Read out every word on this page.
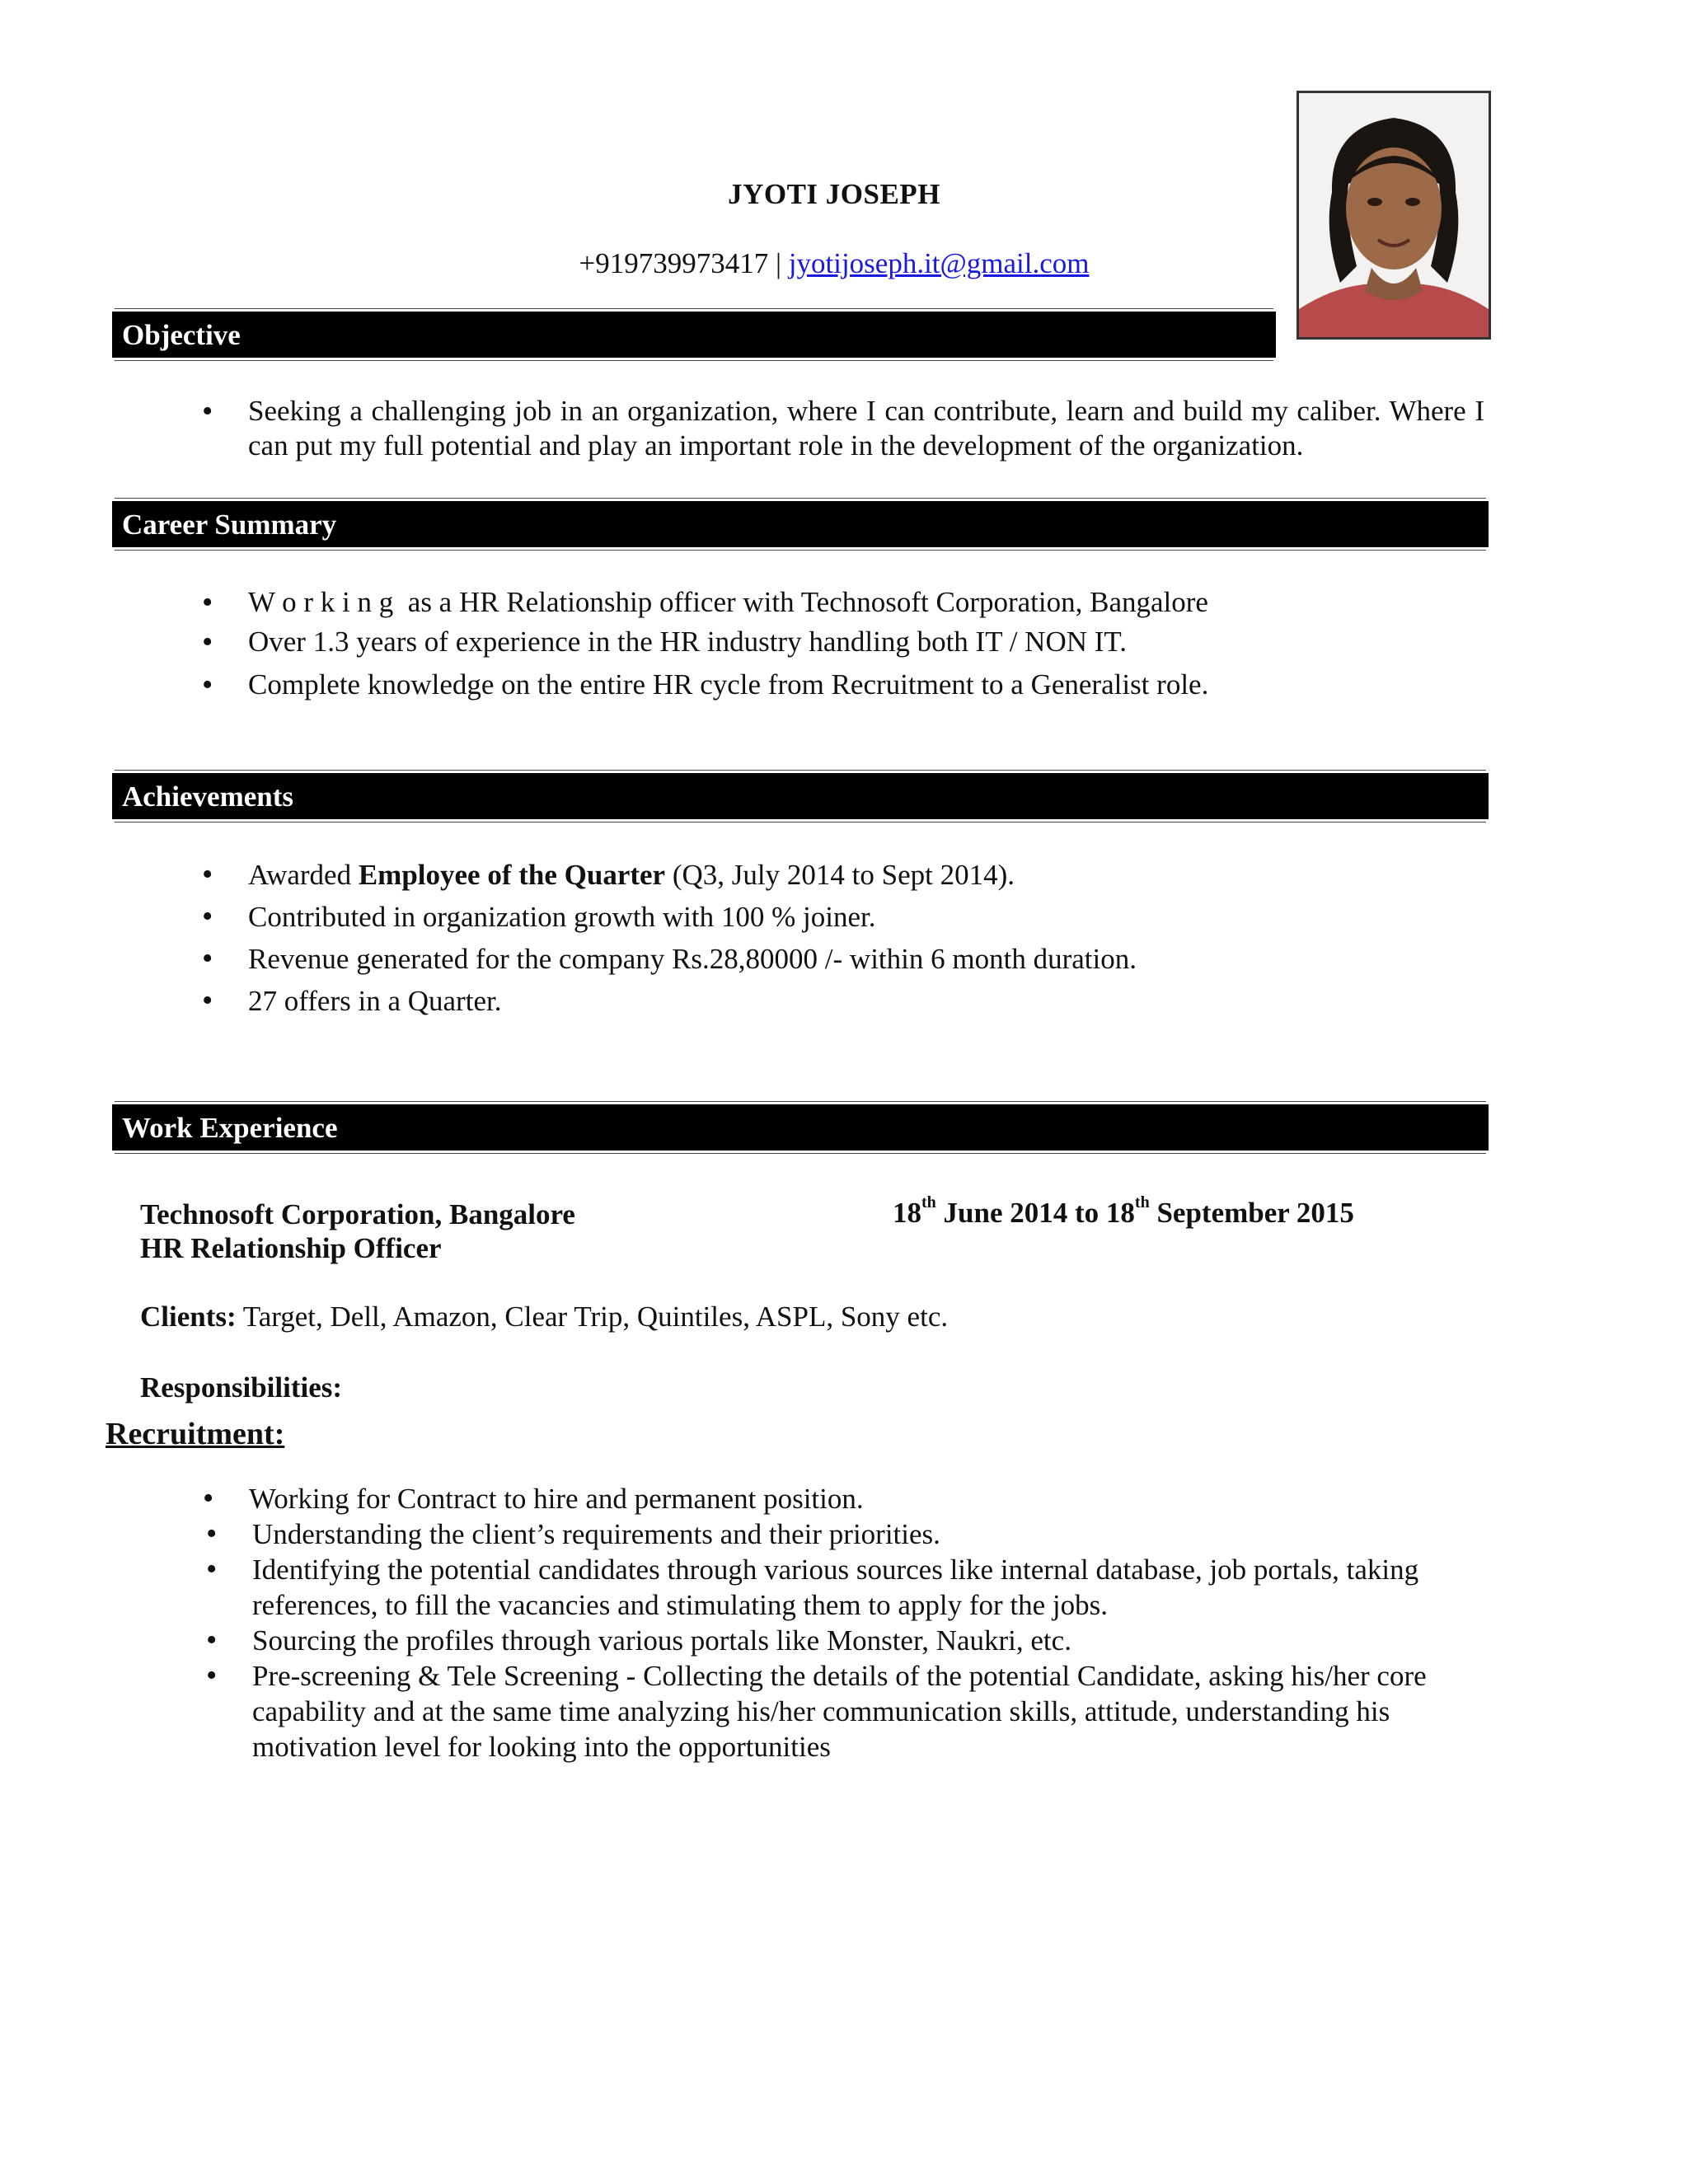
JYOTI JOSEPH
+919739973417 | jyotijoseph.it@gmail.com
Objective
• Seeking a challenging job in an organization, where I can contribute, learn and build my caliber. Where I can put my full potential and play an important role in the development of the organization.
Career Summary
• W o r k i n g  as a HR Relationship officer with Technosoft Corporation, Bangalore
• Over 1.3 years of experience in the HR industry handling both IT / NON IT.
• Complete knowledge on the entire HR cycle from Recruitment to a Generalist role.
Achievements
• Awarded Employee of the Quarter (Q3, July 2014 to Sept 2014).
• Contributed in organization growth with 100 % joiner.
• Revenue generated for the company Rs.28,80000 /- within 6 month duration.
• 27 offers in a Quarter.
Work Experience
Technosoft Corporation, Bangalore	18th June 2014 to 18th September 2015
HR Relationship Officer
Clients: Target, Dell, Amazon, Clear Trip, Quintiles, ASPL, Sony etc.
Responsibilities:
Recruitment:
• Working for Contract to hire and permanent position.
• Understanding the client’s requirements and their priorities.
• Identifying the potential candidates through various sources like internal database, job portals, taking references, to fill the vacancies and stimulating them to apply for the jobs.
• Sourcing the profiles through various portals like Monster, Naukri, etc.
• Pre-screening & Tele Screening - Collecting the details of the potential Candidate, asking his/her core capability and at the same time analyzing his/her communication skills, attitude, understanding his motivation level for looking into the opportunities
